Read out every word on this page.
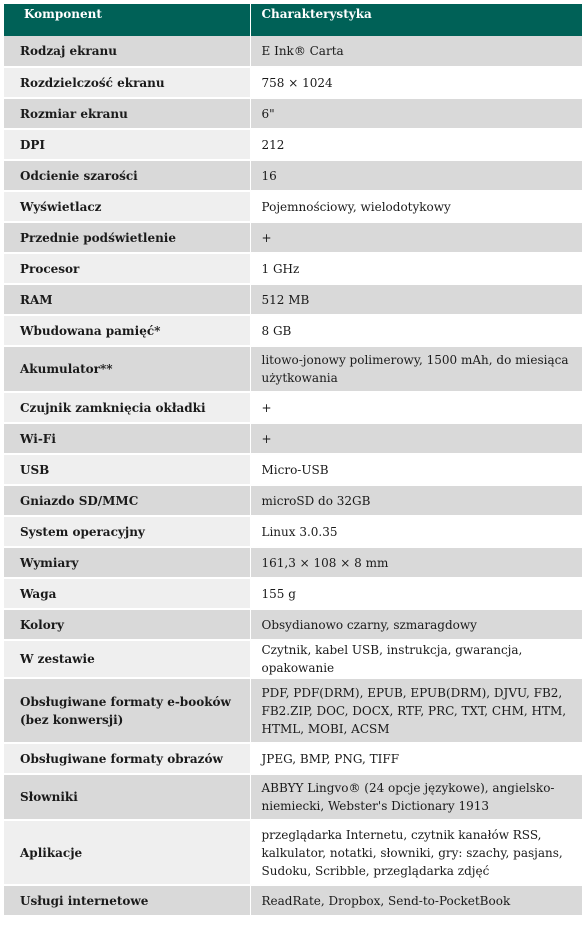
Komponent	Charakterystyka
Rodzaj ekranu	E Ink® Carta
Rozdzielczość ekranu	758 × 1024
Rozmiar ekranu	6"
DPI	212
Odcienie szarości	16
Wyświetlacz	Pojemnościowy, wielodotykowy
Przednie podświetlenie	+
Procesor	1 GHz
RAM	512 MB
Wbudowana pamięć*	8 GB
Akumulator**	litowo-jonowy polimerowy, 1500 mAh, do miesiąca użytkowania
Czujnik zamknięcia okładki	+
Wi-Fi	+
USB	Micro-USB
Gniazdo SD/MMC	microSD do 32GB
System operacyjny	Linux 3.0.35
Wymiary	161,3 × 108 × 8 mm
Waga	155 g
Kolory	Obsydianowo czarny, szmaragdowy
W zestawie	Czytnik, kabel USB, instrukcja, gwarancja, opakowanie
Obsługiwane formaty e-booków (bez konwersji)	PDF, PDF(DRM), EPUB, EPUB(DRM), DJVU, FB2, FB2.ZIP, DOC, DOCX, RTF, PRC, TXT, CHM, HTM, HTML, MOBI, ACSM
Obsługiwane formaty obrazów	JPEG, BMP, PNG, TIFF
Słowniki	ABBYY Lingvo® (24 opcje językowe), angielsko-niemiecki, Webster's Dictionary 1913
Aplikacje	przeglądarka Internetu, czytnik kanałów RSS, kalkulator, notatki, słowniki, gry: szachy, pasjans, Sudoku, Scribble, przeglądarka zdjęć
Usługi internetowe	ReadRate, Dropbox, Send-to-PocketBook
